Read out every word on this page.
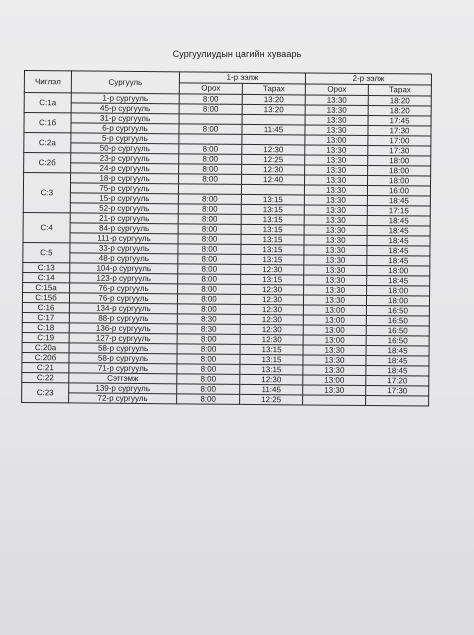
Сургуулиудын цагийн хуваарь
Чиглэл	Сургууль	1-р ээлж		2-р ээлж	
		Орох	Тарах	Орох	Тарах
С:1а	1-р сургууль	8:00	13:20	13:30	18:20
	45-р сургууль	8:00	13:20	13:30	18:20
С:1б	31-р сургууль			13:30	17:45
	6-р сургууль	8:00	11:45	13:30	17:30
С:2а	5-р сургууль			13:00	17:00
	50-р сургууль	8:00	12:30	13:30	17:30
С:2б	23-р сургууль	8:00	12:25	13:30	18:00
	24-р сургууль	8:00	12:30	13:30	18:00
С:3	18-р сургууль	8:00	12:40	13:30	18:00
	75-р сургууль			13:30	16:00
	15-р сургууль	8:00	13:15	13:30	18:45
	52-р сургууль	8:00	13:15	13:30	17:15
С:4	21-р сургууль	8:00	13:15	13:30	18:45
	84-р сургууль	8:00	13:15	13:30	18:45
	111-р сургууль	8:00	13:15	13:30	18:45
С:5	33-р сургууль	8:00	13:15	13:30	18:45
	48-р сургууль	8:00	13:15	13:30	18:45
С:13	104-р сургууль	8:00	12:30	13:30	18:00
С:14	123-р сургууль	8:00	13:15	13:30	18:45
С:15а	76-р сургууль	8:00	12:30	13:30	18:00
С:15б	76-р сургууль	8:00	12:30	13:30	18:00
С:16	134-р сургууль	8:00	12:30	13:00	16:50
С:17	88-р сургууль	8:30	12:30	13:00	16:50
С:18	136-р сургууль	8:30	12:30	13:00	16:50
С:19	127-р сургууль	8:00	12:30	13:00	16:50
С:20а	58-р сургууль	8:00	13:15	13:30	18:45
С:20б	58-р сургууль	8:00	13:15	13:30	18:45
С:21	71-р сургууль	8:00	13:15	13:30	18:45
С:22	Сэтгэмж	8:00	12:30	13:00	17:20
С:23	139-р сургууль	8:00	11:45	13:30	17:30
	72-р сургууль	8:00	12:25		
